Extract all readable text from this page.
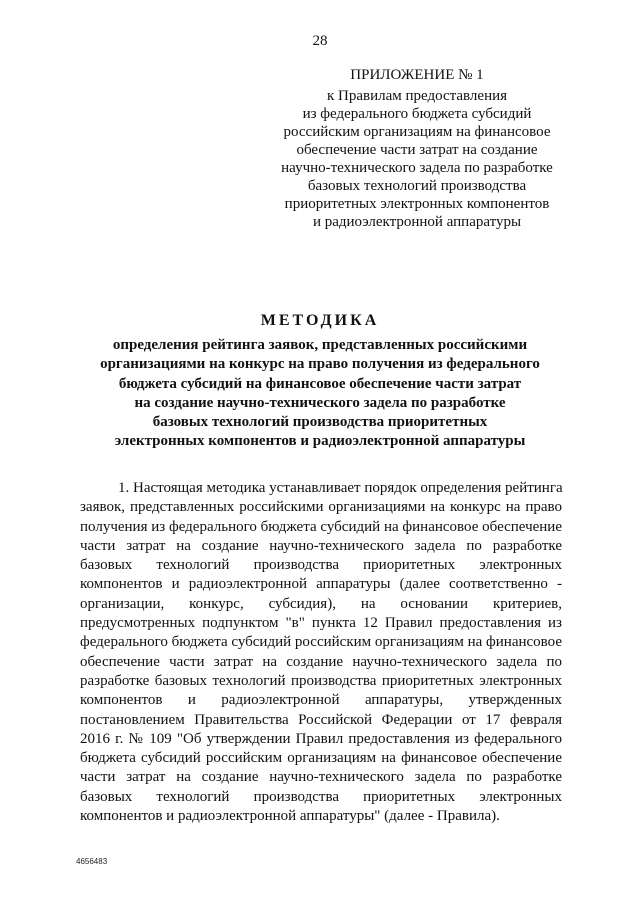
28
ПРИЛОЖЕНИЕ № 1
к Правилам предоставления
из федерального бюджета субсидий
российским организациям на финансовое
обеспечение части затрат на создание
научно-технического задела по разработке
базовых технологий производства
приоритетных электронных компонентов
и радиоэлектронной аппаратуры
МЕТОДИКА
определения рейтинга заявок, представленных российскими
организациями на конкурс на право получения из федерального
бюджета субсидий на финансовое обеспечение части затрат
на создание научно-технического задела по разработке
базовых технологий производства приоритетных
электронных компонентов и радиоэлектронной аппаратуры
1. Настоящая методика устанавливает порядок определения рейтинга
заявок, представленных российскими организациями на конкурс на право
получения из федерального бюджета субсидий на финансовое обеспечение
части затрат на создание научно-технического задела по разработке
базовых технологий производства приоритетных электронных
компонентов и радиоэлектронной аппаратуры (далее соответственно -
организации, конкурс, субсидия), на основании критериев,
предусмотренных подпунктом "в" пункта 12 Правил предоставления из
федерального бюджета субсидий российским организациям на финансовое
обеспечение части затрат на создание научно-технического задела по
разработке базовых технологий производства приоритетных электронных
компонентов и радиоэлектронной аппаратуры, утвержденных
постановлением Правительства Российской Федерации от 17 февраля
2016 г. № 109 "Об утверждении Правил предоставления из федерального
бюджета субсидий российским организациям на финансовое обеспечение
части затрат на создание научно-технического задела по разработке
базовых технологий производства приоритетных электронных
компонентов и радиоэлектронной аппаратуры" (далее - Правила).
4656483
